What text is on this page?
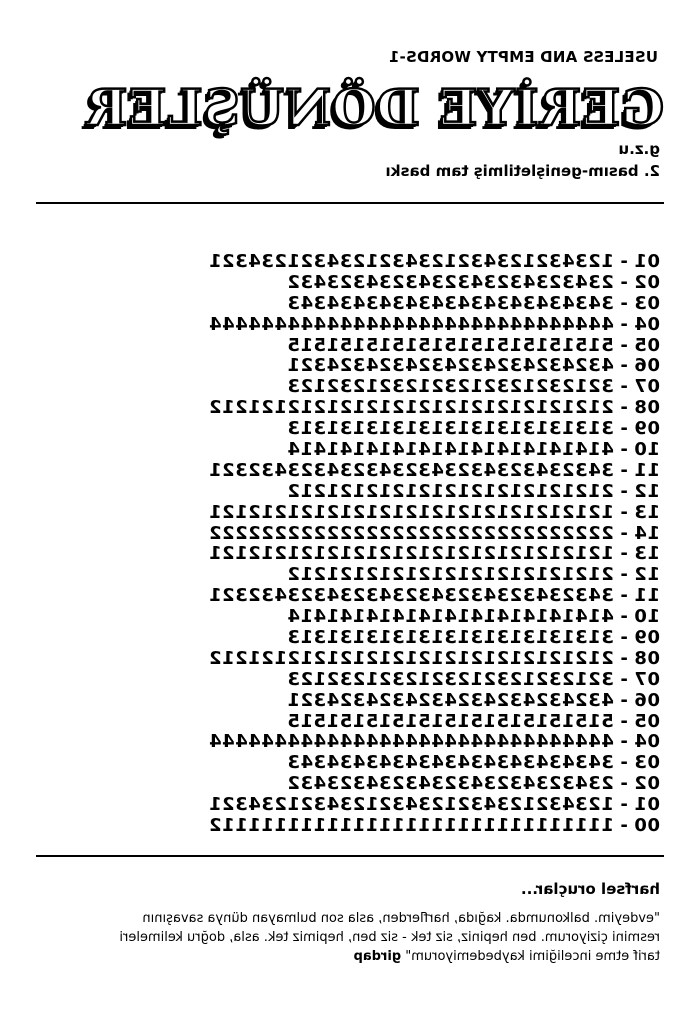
USELESS AND EMPTY WORDS-1
GERİYE DÖNÜŞLER
g.z.u
2. basım-genişletilmiş tam baskı
01-1234321234321234321234321234321
02-2343234323432343234323432
03-3434343434343434343434343
04-4444444444444444444444444444444
05-5151515151515151515151515
06-4324324324324324324324321
07-3212321232123212321232123
08-2121212121212121212121212121212
09-3131313131313131313131313
10-4141414141414141414141414
11-3432343234323432343234323432321
12-2121212121212121212121212
13-1212121212121212121212121212121
14-2222222222222222222222222222222
13-1212121212121212121212121212121
12-2121212121212121212121212
11-3432343234323432343234323432321
10-4141414141414141414141414
09-3131313131313131313131313
08-2121212121212121212121212121212
07-3212321232123212321232123
06-4324324324324324324324321
05-5151515151515151515151515
04-4444444444444444444444444444444
03-3434343434343434343434343
02-2343234323432343234323432
01-1234321234321234321234321234321
00-1111111111111111111111111111112
harfsel oruçlar...
"evdeyim. balkonumda. kağıda, harflerden, asla son bulmayan dünya savaşının
resmini çiziyorum. ben hepiniz, siz tek - siz ben, hepimiz tek. asla, doğru kelimeleri
tarif etme inceliğimi kaybedemiyorum" girdap
